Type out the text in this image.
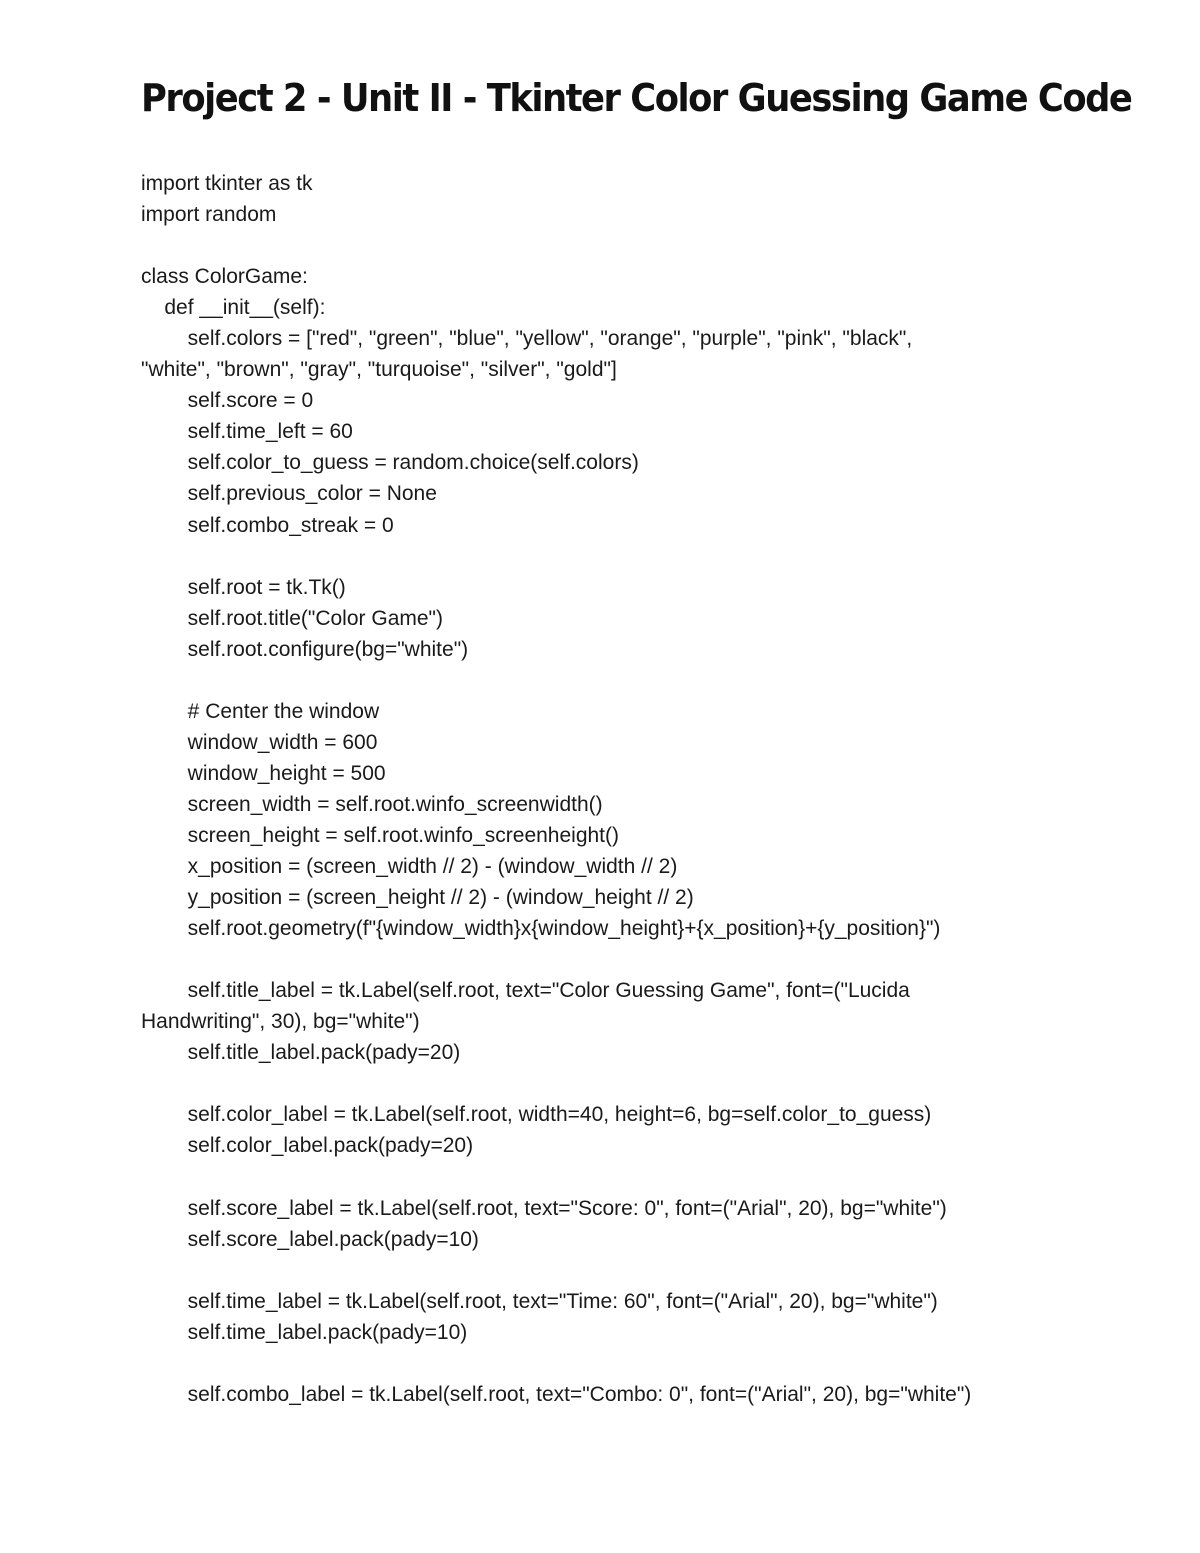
Project 2 - Unit II - Tkinter Color Guessing Game Code
import tkinter as tk
import random
class ColorGame:
def __init__(self):
self.colors = ["red", "green", "blue", "yellow", "orange", "purple", "pink", "black",
"white", "brown", "gray", "turquoise", "silver", "gold"]
self.score = 0
self.time_left = 60
self.color_to_guess = random.choice(self.colors)
self.previous_color = None
self.combo_streak = 0
self.root = tk.Tk()
self.root.title("Color Game")
self.root.configure(bg="white")
# Center the window
window_width = 600
window_height = 500
screen_width = self.root.winfo_screenwidth()
screen_height = self.root.winfo_screenheight()
x_position = (screen_width // 2) - (window_width // 2)
y_position = (screen_height // 2) - (window_height // 2)
self.root.geometry(f"{window_width}x{window_height}+{x_position}+{y_position}")
self.title_label = tk.Label(self.root, text="Color Guessing Game", font=("Lucida
Handwriting", 30), bg="white")
self.title_label.pack(pady=20)
self.color_label = tk.Label(self.root, width=40, height=6, bg=self.color_to_guess)
self.color_label.pack(pady=20)
self.score_label = tk.Label(self.root, text="Score: 0", font=("Arial", 20), bg="white")
self.score_label.pack(pady=10)
self.time_label = tk.Label(self.root, text="Time: 60", font=("Arial", 20), bg="white")
self.time_label.pack(pady=10)
self.combo_label = tk.Label(self.root, text="Combo: 0", font=("Arial", 20), bg="white")
